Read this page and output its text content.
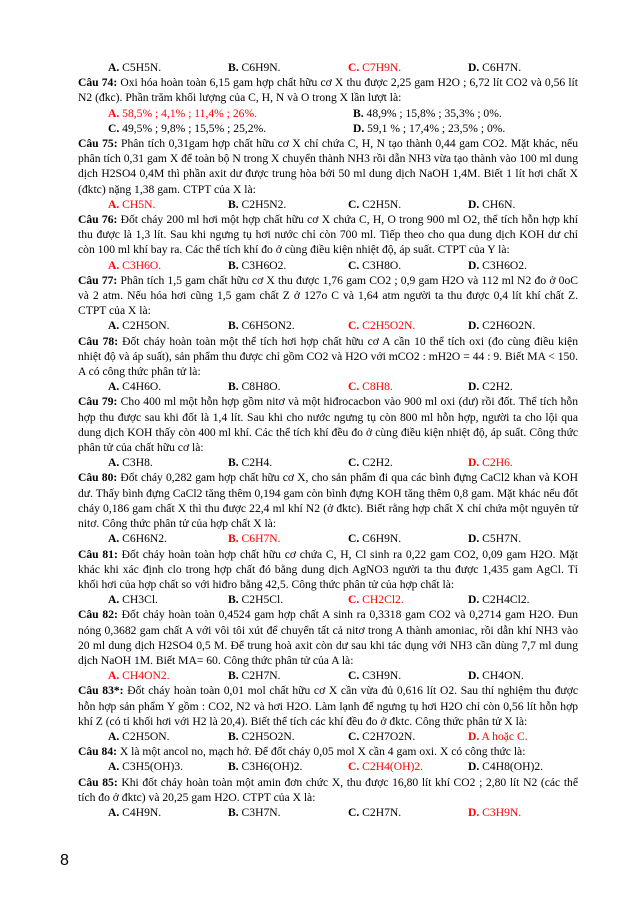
A. C5H5N.	B. C6H9N.	C. C7H9N.	D. C6H7N.

Câu 74: Oxi hóa hoàn toàn 6,15 gam hợp chất hữu cơ X thu được 2,25 gam H2O ; 6,72 lít CO2 và 0,56 lít N2 (đkc). Phần trăm khối lượng của C, H, N và O trong X lần lượt là:

A. 58,5% ; 4,1% ; 11,4% ; 26%.	B. 48,9% ; 15,8% ; 35,3% ; 0%.
C. 49,5% ; 9,8% ; 15,5% ; 25,2%.	D. 59,1 % ; 17,4% ; 23,5% ; 0%.

Câu 75: Phân tích 0,31gam hợp chất hữu cơ X chỉ chứa C, H, N tạo thành 0,44 gam CO2. Mặt khác, nếu phân tích 0,31 gam X để toàn bộ N trong X chuyển thành NH3 rồi dẫn NH3 vừa tạo thành vào 100 ml dung dịch H2SO4 0,4M thì phần axit dư được trung hòa bởi 50 ml dung dịch NaOH 1,4M. Biết 1 lít hơi chất X (đktc) nặng 1,38 gam. CTPT của X là:

A. CH5N.	B. C2H5N2.	C. C2H5N.	D. CH6N.

Câu 76: Đốt cháy 200 ml hơi một hợp chất hữu cơ X chứa C, H, O trong 900 ml O2, thể tích hỗn hợp khí thu được là 1,3 lít. Sau khi ngưng tụ hơi nước chỉ còn 700 ml. Tiếp theo cho qua dung dịch KOH dư chỉ còn 100 ml khí bay ra. Các thể tích khí đo ở cùng điều kiện nhiệt độ, áp suất. CTPT của Y là:

A. C3H6O.	B. C3H6O2.	C. C3H8O.	D. C3H6O2.

Câu 77: Phân tích 1,5 gam chất hữu cơ X thu được 1,76 gam CO2 ; 0,9 gam H2O và 112 ml N2 đo ở 0oC và 2 atm. Nếu hóa hơi cũng 1,5 gam chất Z ở 127o C và 1,64 atm người ta thu được 0,4 lít khí chất Z. CTPT của X là:

A. C2H5ON.	B. C6H5ON2.	C. C2H5O2N.	D. C2H6O2N.

Câu 78: Đốt cháy hoàn toàn một thể tích hơi hợp chất hữu cơ A cần 10 thể tích oxi (đo cùng điều kiện nhiệt độ và áp suất), sản phẩm thu được chỉ gồm CO2 và H2O với mCO2 : mH2O = 44 : 9. Biết MA < 150. A có công thức phân tử là:

A. C4H6O.	B. C8H8O.	C. C8H8.	D. C2H2.

Câu 79: Cho 400 ml một hỗn hợp gồm nitơ và một hiđrocacbon vào 900 ml oxi (dư) rồi đốt. Thể tích hỗn hợp thu được sau khi đốt là 1,4 lít. Sau khi cho nước ngưng tụ còn 800 ml hỗn hợp, người ta cho lội qua dung dịch KOH thấy còn 400 ml khí. Các thể tích khí đều đo ở cùng điều kiện nhiệt độ, áp suất. Công thức phân tử của chất hữu cơ là:

A. C3H8.	B. C2H4.	C. C2H2.	D. C2H6.

Câu 80: Đốt cháy 0,282 gam hợp chất hữu cơ X, cho sản phẩm đi qua các bình đựng CaCl2 khan và KOH dư. Thấy bình đựng CaCl2 tăng thêm 0,194 gam còn bình đựng KOH tăng thêm 0,8 gam. Mặt khác nếu đốt cháy 0,186 gam chất X thì thu được 22,4 ml khí N2 (ở đktc). Biết rằng hợp chất X chỉ chứa một nguyên tử nitơ. Công thức phân tử của hợp chất X là:

A. C6H6N2.	B. C6H7N.	C. C6H9N.	D. C5H7N.

Câu 81: Đốt cháy hoàn toàn hợp chất hữu cơ chứa C, H, Cl sinh ra 0,22 gam CO2, 0,09 gam H2O. Mặt khác khi xác định clo trong hợp chất đó bằng dung dịch AgNO3 người ta thu được 1,435 gam AgCl. Tỉ khối hơi của hợp chất so với hiđro bằng 42,5. Công thức phân tử của hợp chất là:

A. CH3Cl.	B. C2H5Cl.	C. CH2Cl2.	D. C2H4Cl2.

Câu 82: Đốt cháy hoàn toàn 0,4524 gam hợp chất A sinh ra 0,3318 gam CO2 và 0,2714 gam H2O. Đun nóng 0,3682 gam chất A với vôi tôi xút để chuyển tất cả nitơ trong A thành amoniac, rồi dẫn khí NH3 vào 20 ml dung dịch H2SO4 0,5 M. Để trung hoà axit còn dư sau khi tác dụng với NH3 cần dùng 7,7 ml dung dịch NaOH 1M. Biết MA= 60. Công thức phân tử của A là:

A. CH4ON2.	B. C2H7N.	C. C3H9N.	D. CH4ON.

Câu 83*: Đốt cháy hoàn toàn 0,01 mol chất hữu cơ X cần vừa đủ 0,616 lít O2. Sau thí nghiệm thu được hỗn hợp sản phẩm Y gồm : CO2, N2 và hơi H2O. Làm lạnh để ngưng tụ hơi H2O chỉ còn 0,56 lít hỗn hợp khí Z (có tỉ khối hơi với H2 là 20,4). Biết thể tích các khí đều đo ở đktc. Công thức phân tử X là:

A. C2H5ON.	B. C2H5O2N.	C. C2H7O2N.	D. A hoặc C.

Câu 84: X là một ancol no, mạch hở. Để đốt cháy 0,05 mol X cần 4 gam oxi. X có công thức là:

A. C3H5(OH)3.	B. C3H6(OH)2.	C. C2H4(OH)2.	D. C4H8(OH)2.

Câu 85: Khi đốt cháy hoàn toàn một amin đơn chức X, thu được 16,80 lít khí CO2 ; 2,80 lít N2 (các thể tích đo ở đktc) và 20,25 gam H2O. CTPT của X là:

A. C4H9N.	B. C3H7N.	C. C2H7N.	D. C3H9N.
8
